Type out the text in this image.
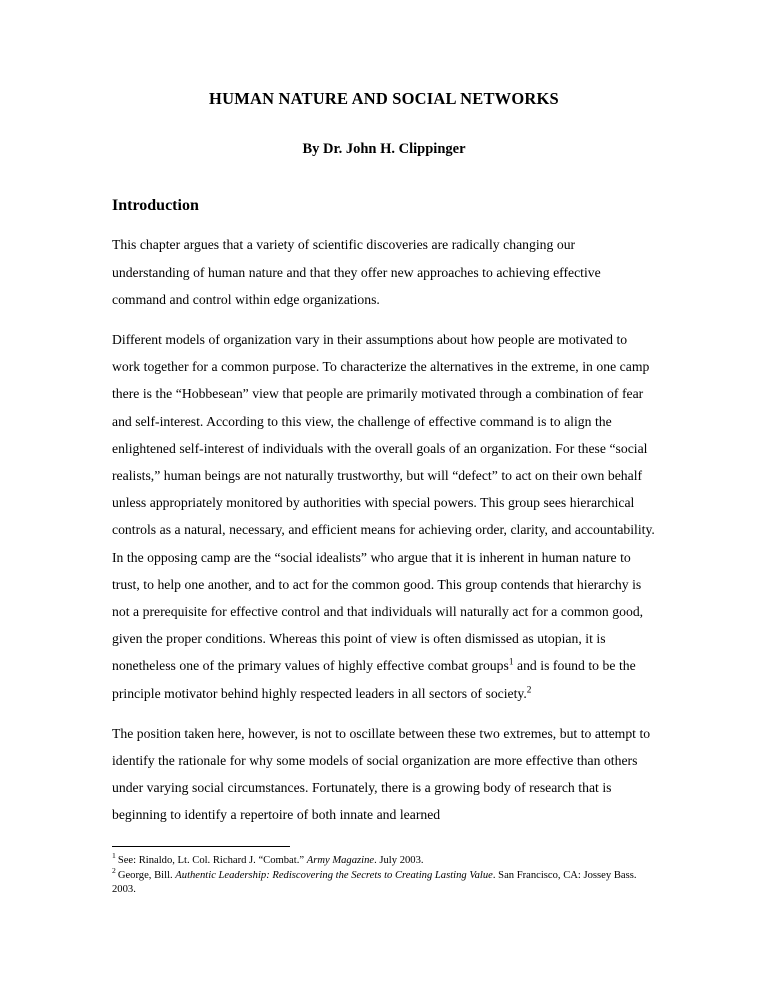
HUMAN NATURE AND SOCIAL NETWORKS

By Dr. John H. Clippinger

Introduction

This chapter argues that a variety of scientific discoveries are radically changing our understanding of human nature and that they offer new approaches to achieving effective command and control within edge organizations.

Different models of organization vary in their assumptions about how people are motivated to work together for a common purpose. To characterize the alternatives in the extreme, in one camp there is the “Hobbesean” view that people are primarily motivated through a combination of fear and self-interest. According to this view, the challenge of effective command is to align the enlightened self-interest of individuals with the overall goals of an organization. For these “social realists,” human beings are not naturally trustworthy, but will “defect” to act on their own behalf unless appropriately monitored by authorities with special powers. This group sees hierarchical controls as a natural, necessary, and efficient means for achieving order, clarity, and accountability. In the opposing camp are the “social idealists” who argue that it is inherent in human nature to trust, to help one another, and to act for the common good. This group contends that hierarchy is not a prerequisite for effective control and that individuals will naturally act for a common good, given the proper conditions. Whereas this point of view is often dismissed as utopian, it is nonetheless one of the primary values of highly effective combat groups$^1$ and is found to be the principle motivator behind highly respected leaders in all sectors of society.$^2$

The position taken here, however, is not to oscillate between these two extremes, but to attempt to identify the rationale for why some models of social organization are more effective than others under varying social circumstances. Fortunately, there is a growing body of research that is beginning to identify a repertoire of both innate and learned

$^1$ See: Rinaldo, Lt. Col. Richard J. “Combat.” Army Magazine. July 2003.

$^2$ George, Bill. Authentic Leadership: Rediscovering the Secrets to Creating Lasting Value. San Francisco, CA: Jossey Bass. 2003.
